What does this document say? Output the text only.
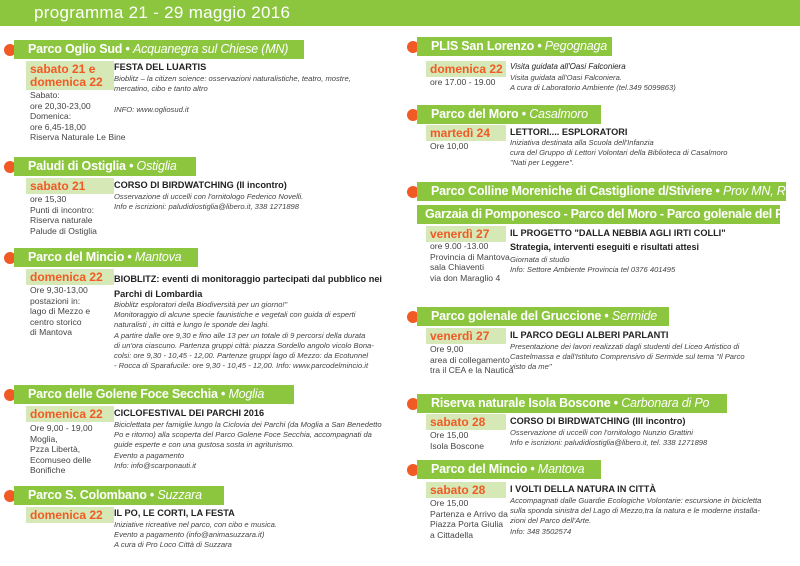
programma 21 - 29 maggio 2016
Parco Oglio Sud • Acquanegra sul Chiese (MN)
sabato 21 e
domenica 22
Sabato:
ore 20,30-23,00
Domenica:
ore 6,45-18,00
Riserva Naturale Le Bine
FESTA DEL LUARTIS
Bioblitz – la citizen science: osservazioni naturalistiche, teatro, mostre,
mercatino, cibo e tanto altro

INFO: www.ogliosud.it
Paludi di Ostiglia • Ostiglia
sabato 21
ore 15,30
Punti di incontro:
Riserva naturale
Palude di Ostiglia
CORSO DI BIRDWATCHING (II incontro)
Osservazione di uccelli con l'ornitologo Federico Novelli.
Info e iscrizioni: paludidiostiglia@libero.it, 338 1271898
Parco del Mincio • Mantova
domenica 22
Ore 9,30-13,00
postazioni in:
lago di Mezzo e
centro storico
di Mantova
BIOBLITZ: eventi di monitoraggio partecipati dal pubblico nei
Parchi di Lombardia
Bioblitz esploratori della Biodiversità per un giorno!"
Monitoraggio di alcune specie faunistiche e vegetali con guida di esperti
naturalisti , in città e lungo le sponde dei laghi.
A partire dalle ore 9,30 e fino alle 13 per un totale di 9 percorsi della durata
di un'ora ciascuno. Partenza gruppi città: piazza Sordello angolo vicolo Bona-
colsi: ore 9,30 - 10,45 - 12,00. Partenze gruppi lago di Mezzo: da Ecotunnel
- Rocca di Sparafucile: ore 9,30 - 10,45 - 12,00. Info: www.parcodelmincio.it
Parco delle Golene Foce Secchia • Moglia
domenica 22
Ore 9,00 - 19,00
Moglia,
Pzza Libertà,
Ecomuseo delle
Bonifiche
CICLOFESTIVAL DEI PARCHI 2016
Biciclettata per famiglie lungo la Ciclovia dei Parchi (da Moglia a San Benedetto
Po e ritorno) alla scoperta del Parco Golene Foce Secchia, accompagnati da
guide esperte e con una gustosa sosta in agriturismo.
Evento a pagamento
Info: info@scarponauti.it
Parco S. Colombano • Suzzara
domenica 22	IL PO, LE CORTI, LA FESTA
Iniziative ricreative nel parco, con cibo e musica.
Evento a pagamento (info@animasuzzara.it)
A cura di Pro Loco Città di Suzzara
PLIS San Lorenzo • Pegognaga
domenica 22
ore 17.00 - 19.00
Visita guidata all'Oasi Falconiera
Visita guidata all'Oasi Falconiera.
A cura di Laboratorio Ambiente (tel.349 5099863)
Parco del Moro • Casalmoro
martedì 24
Ore 10,00
LETTORI.... ESPLORATORI
Iniziativa destinata alla Scuola dell'Infanzia
cura del Gruppo di Lettori Volontari della Biblioteca di Casalmoro
"Nati per Leggere".
Parco Colline Moreniche di Castiglione d/Stiviere • Prov MN, RN
Garzaia di Pomponesco - Parco del Moro - Parco golenale del Po
venerdì 27
ore 9.00 -13.00
Provincia di Mantova
sala Chiaventi
via don Maraglio 4
IL PROGETTO "DALLA NEBBIA AGLI IRTI COLLI"
Strategia, interventi eseguiti e risultati attesi
Giornata di studio
Info: Settore Ambiente Provincia tel 0376 401495
Parco golenale del Gruccione • Sermide
venerdì 27
Ore 9,00
area di collegamento
tra il CEA e la Nautica
IL PARCO DEGLI ALBERI PARLANTI
Presentazione dei lavori realizzati dagli studenti del Liceo Artistico di
Castelmassa e dall'Istituto Comprensivo di Sermide sul tema "Il Parco
visto da me"
Riserva naturale Isola Boscone • Carbonara di Po
sabato 28
Ore 15,00
Isola Boscone
CORSO DI BIRDWATCHING (III incontro)
Osservazione di uccelli con l'ornitologo Nunzio Grattini
Info e iscrizioni: paludidiostiglia@libero.it, tel. 338 1271898
Parco del Mincio • Mantova
sabato 28
Ore 15,00
Partenza e Arrivo da
Piazza Porta Giulia
a Cittadella
I VOLTI DELLA NATURA IN CITTÀ
Accompagnati dalle Guardie Ecologiche Volontarie: escursione in bicicletta
sulla sponda sinistra del Lago di Mezzo,tra la natura e le moderne installa-
zioni del Parco dell'Arte.
Info: 348 3502574
